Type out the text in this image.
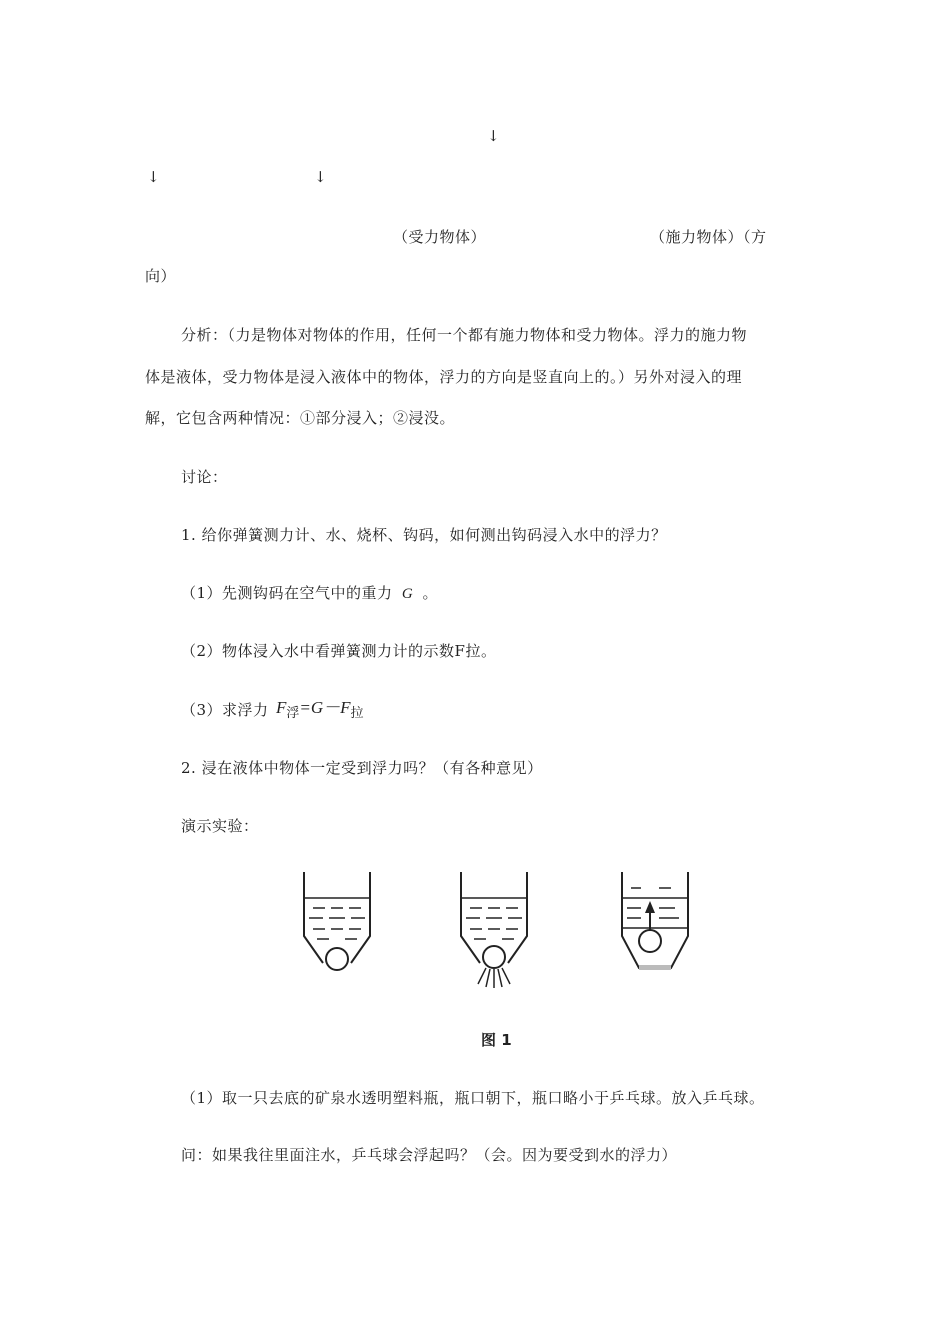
↓
↓	↓
（受力物体）	（施力物体）（方
向）
分析：（力是物体对物体的作用，任何一个都有施力物体和受力物体。浮力的施力物
体是液体，受力物体是浸入液体中的物体，浮力的方向是竖直向上的。）另外对浸入的理
解，它包含两种情况：①部分浸入；②浸没。
讨论：
1. 给你弹簧测力计、水、烧杯、钩码，如何测出钩码浸入水中的浮力？
（1）先测钩码在空气中的重力 G 。
（2）物体浸入水中看弹簧测力计的示数F拉。
（3）求浮力 $F_浮=G-F_拉$
2. 浸在液体中物体一定受到浮力吗？（有各种意见）
演示实验：
图 1
（1）取一只去底的矿泉水透明塑料瓶，瓶口朝下，瓶口略小于乒乓球。放入乒乓球。
问：如果我往里面注水，乒乓球会浮起吗？（会。因为要受到水的浮力）
